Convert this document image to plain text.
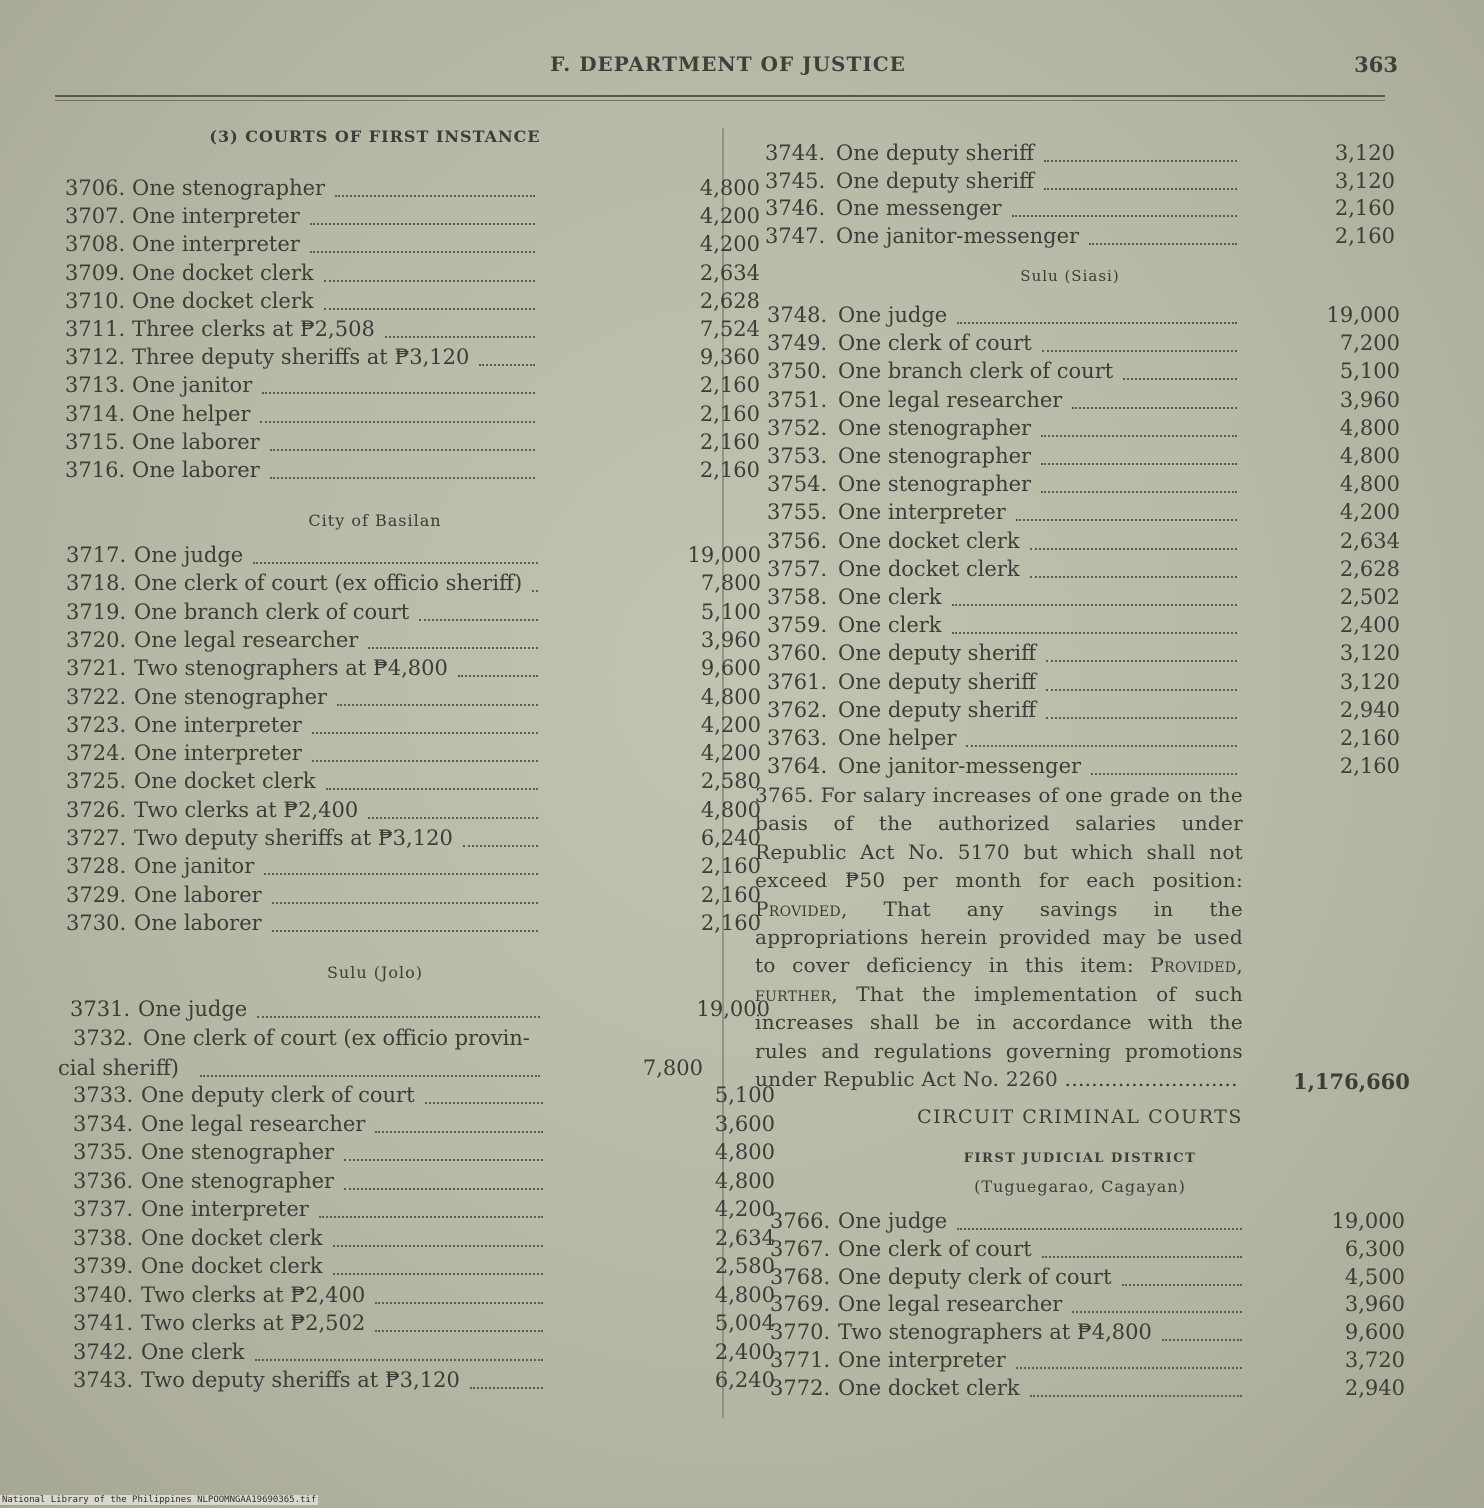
F. DEPARTMENT OF JUSTICE	363
(3) COURTS OF FIRST INSTANCE
City of Basilan
Sulu (Jolo)
3732. One clerk of court (ex officio provin-
cial sheriff)	7,800
3706. One stenographer	4,800
3707. One interpreter	4,200
3708. One interpreter	4,200
3709. One docket clerk	2,634
3710. One docket clerk	2,628
3711. Three clerks at ₱2,508	7,524
3712. Three deputy sheriffs at ₱3,120	9,360
3713. One janitor	2,160
3714. One helper	2,160
3715. One laborer	2,160
3716. One laborer	2,160
3717. One judge	19,000
3718. One clerk of court (ex officio sheriff)	7,800
3719. One branch clerk of court	5,100
3720. One legal researcher	3,960
3721. Two stenographers at ₱4,800	9,600
3722. One stenographer	4,800
3723. One interpreter	4,200
3724. One interpreter	4,200
3725. One docket clerk	2,580
3726. Two clerks at ₱2,400	4,800
3727. Two deputy sheriffs at ₱3,120	6,240
3728. One janitor	2,160
3729. One laborer	2,160
3730. One laborer	2,160
3731. One judge	19,000
3733. One deputy clerk of court	5,100
3734. One legal researcher	3,600
3735. One stenographer	4,800
3736. One stenographer	4,800
3737. One interpreter	4,200
3738. One docket clerk	2,634
3739. One docket clerk	2,580
3740. Two clerks at ₱2,400	4,800
3741. Two clerks at ₱2,502	5,004
3742. One clerk	2,400
3743. Two deputy sheriffs at ₱3,120	6,240
Sulu (Siasi)
3765. For salary increases of one grade on the basis of the authorized salaries under Republic Act No. 5170 but which shall not exceed ₱50 per month for each position: Provided, That any savings in the appropriations herein provided may be used to cover deficiency in this item: Provided, further, That the implementation of such increases shall be in accordance with the rules and regulations governing promotions under Republic Act No. 2260 ..........................	1,176,660
CIRCUIT CRIMINAL COURTS
FIRST JUDICIAL DISTRICT
(Tuguegarao, Cagayan)
3744. One deputy sheriff	3,120
3745. One deputy sheriff	3,120
3746. One messenger	2,160
3747. One janitor-messenger	2,160
3748. One judge	19,000
3749. One clerk of court	7,200
3750. One branch clerk of court	5,100
3751. One legal researcher	3,960
3752. One stenographer	4,800
3753. One stenographer	4,800
3754. One stenographer	4,800
3755. One interpreter	4,200
3756. One docket clerk	2,634
3757. One docket clerk	2,628
3758. One clerk	2,502
3759. One clerk	2,400
3760. One deputy sheriff	3,120
3761. One deputy sheriff	3,120
3762. One deputy sheriff	2,940
3763. One helper	2,160
3764. One janitor-messenger	2,160
3766. One judge	19,000
3767. One clerk of court	6,300
3768. One deputy clerk of court	4,500
3769. One legal researcher	3,960
3770. Two stenographers at ₱4,800	9,600
3771. One interpreter	3,720
3772. One docket clerk	2,940
National Library of the Philippines NLPOOMNGAA19690365.tif
